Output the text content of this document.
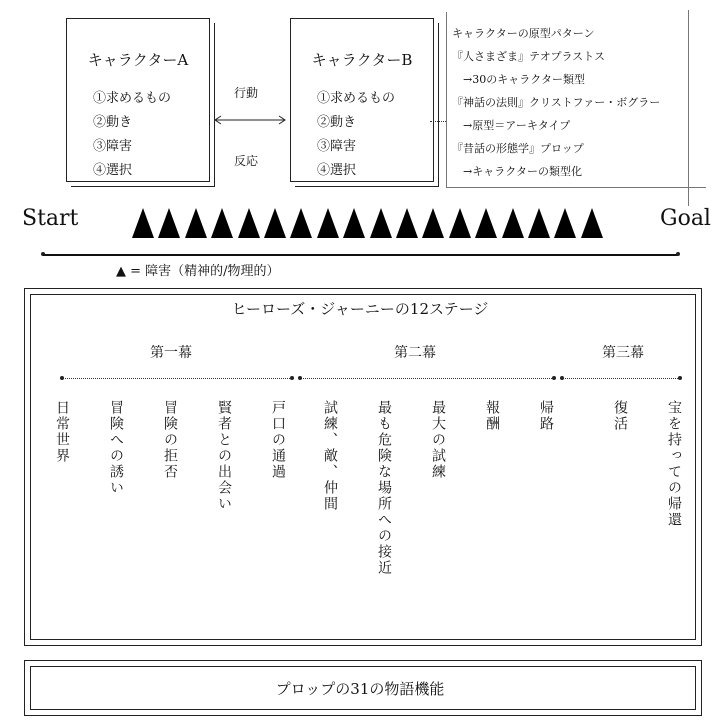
キャラクターA
①求めるもの
②動き
③障害
④選択
行動
反応
キャラクターB
①求めるもの
②動き
③障害
④選択
キャラクターの原型パターン
『人さまざま』テオプラストス
　→30のキャラクター類型
『神話の法則』クリストファー・ボグラー
　→原型＝アーキタイプ
『昔話の形態学』プロップ
　→キャラクターの類型化
Start	Goal
▲ = 障害（精神的/物理的）
ヒーローズ・ジャーニーの12ステージ
第一幕	第二幕	第三幕
日常世界	冒険への誘い	冒険の拒否	賢者との出会い	戸口の通過	試練、敵、仲間	最も危険な場所への接近	最大の試練	報酬	帰路	復活	宝を持っての帰還
プロップの31の物語機能
